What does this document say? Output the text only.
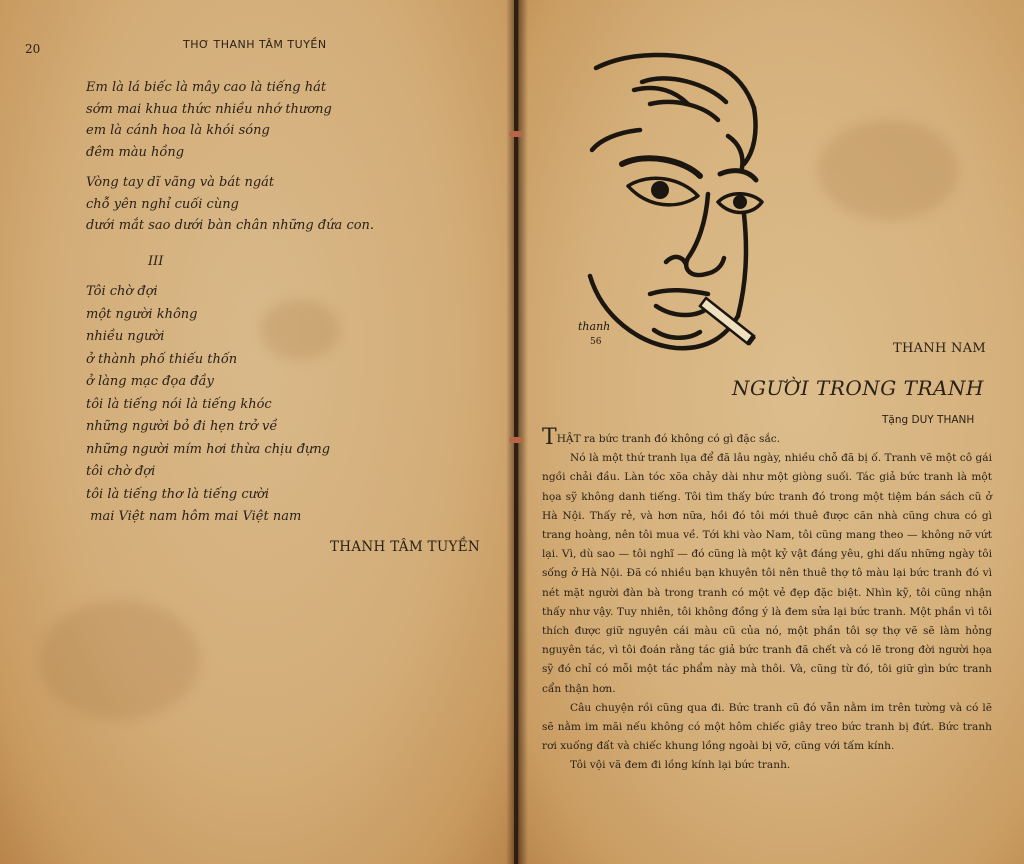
20	THƠ THANH TÂM TUYỀN
Em là lá biếc là mây cao là tiếng hát
sớm mai khua thức nhiều nhớ thương
em là cánh hoa là khói sóng
đêm màu hồng
Vòng tay dĩ vãng và bát ngát
chỗ yên nghỉ cuối cùng
dưới mắt sao dưới bàn chân những đứa con.
III
Tôi chờ đợi
một người không
nhiều người
ở thành phố thiếu thốn
ở làng mạc đọa đầy
tôi là tiếng nói là tiếng khóc
những người bỏ đi hẹn trở về
những người mím hơi thừa chịu đựng
tôi chờ đợi
tôi là tiếng thơ là tiếng cười
mai Việt nam hôm mai Việt nam
THANH TÂM TUYỀN
thanh
56	THANH NAM
NGƯỜI TRONG TRANH
Tặng DUY THANH

THẬT ra bức tranh đó không có gì đặc sắc.

Nó là một thứ tranh lụa để đã lâu ngày, nhiều chỗ đã bị ố. Tranh vẽ một cô gái ngồi chải đầu. Làn tóc xõa chảy dài như một giòng suối. Tác giả bức tranh là một họa sỹ không danh tiếng. Tôi tìm thấy bức tranh đó trong một tiệm bán sách cũ ở Hà Nội. Thấy rẻ, và hơn nữa, hồi đó tôi mới thuê được căn nhà cũng chưa có gì trang hoàng, nên tôi mua về. Tới khi vào Nam, tôi cũng mang theo — không nỡ vứt lại. Vì, dù sao — tôi nghĩ — đó cũng là một kỷ vật đáng yêu, ghi dấu những ngày tôi sống ở Hà Nội. Đã có nhiều bạn khuyên tôi nên thuê thợ tô màu lại bức tranh đó vì nét mặt người đàn bà trong tranh có một vẻ đẹp đặc biệt. Nhìn kỹ, tôi cũng nhận thấy như vậy. Tuy nhiên, tôi không đồng ý là đem sửa lại bức tranh. Một phần vì tôi thích được giữ nguyên cái màu cũ của nó, một phần tôi sợ thợ vẽ sẽ làm hỏng nguyên tác, vì tôi đoán rằng tác giả bức tranh đã chết và có lẽ trong đời người họa sỹ đó chỉ có mỗi một tác phẩm này mà thôi. Và, cũng từ đó, tôi giữ gìn bức tranh cẩn thận hơn.

Câu chuyện rồi cũng qua đi. Bức tranh cũ đó vẫn nằm im trên tường và có lẽ sẽ nằm im mãi nếu không có một hôm chiếc giây treo bức tranh bị đứt. Bức tranh rơi xuống đất và chiếc khung lồng ngoài bị vỡ, cũng với tấm kính.

Tôi vội vã đem đi lồng kính lại bức tranh.
